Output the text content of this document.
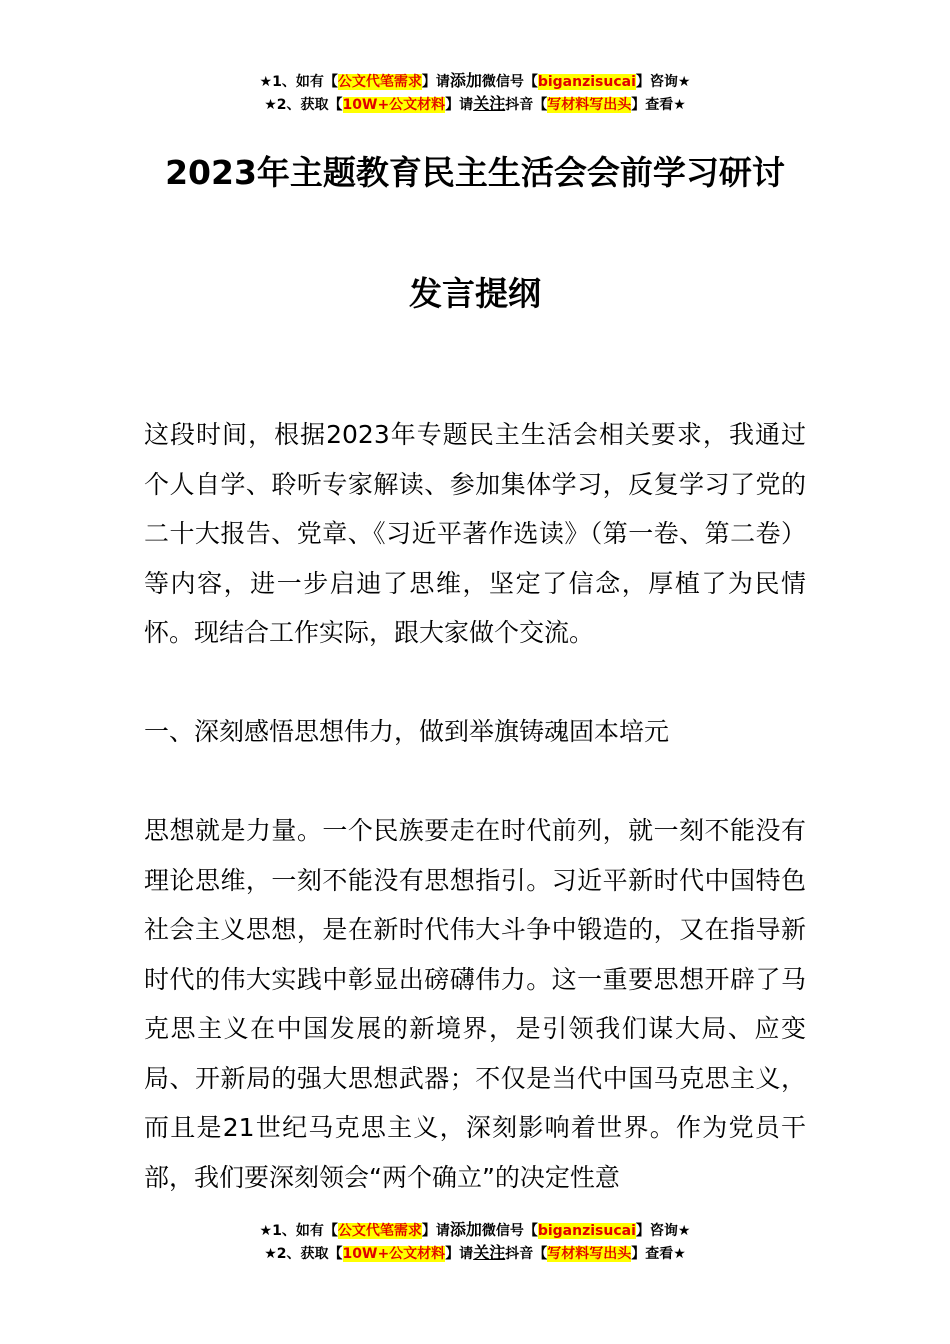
★1、如有【公文代笔需求】请添加微信号【biganzisucai】咨询★
★2、获取【10W+公文材料】请关注抖音【写材料写出头】查看★
2023年主题教育民主生活会会前学习研讨
发言提纲

这段时间，根据2023年专题民主生活会相关要求，我通过个人自学、聆听专家解读、参加集体学习，反复学习了党的二十大报告、党章、《习近平著作选读》（第一卷、第二卷）等内容，进一步启迪了思维，坚定了信念，厚植了为民情怀。现结合工作实际，跟大家做个交流。

一、深刻感悟思想伟力，做到举旗铸魂固本培元

思想就是力量。一个民族要走在时代前列，就一刻不能没有理论思维，一刻不能没有思想指引。习近平新时代中国特色社会主义思想，是在新时代伟大斗争中锻造的，又在指导新时代的伟大实践中彰显出磅礴伟力。这一重要思想开辟了马克思主义在中国发展的新境界，是引领我们谋大局、应变局、开新局的强大思想武器；不仅是当代中国马克思主义，而且是21世纪马克思主义，深刻影响着世界。作为党员干部，我们要深刻领会“两个确立”的决定性意

★1、如有【公文代笔需求】请添加微信号【biganzisucai】咨询★
★2、获取【10W+公文材料】请关注抖音【写材料写出头】查看★
